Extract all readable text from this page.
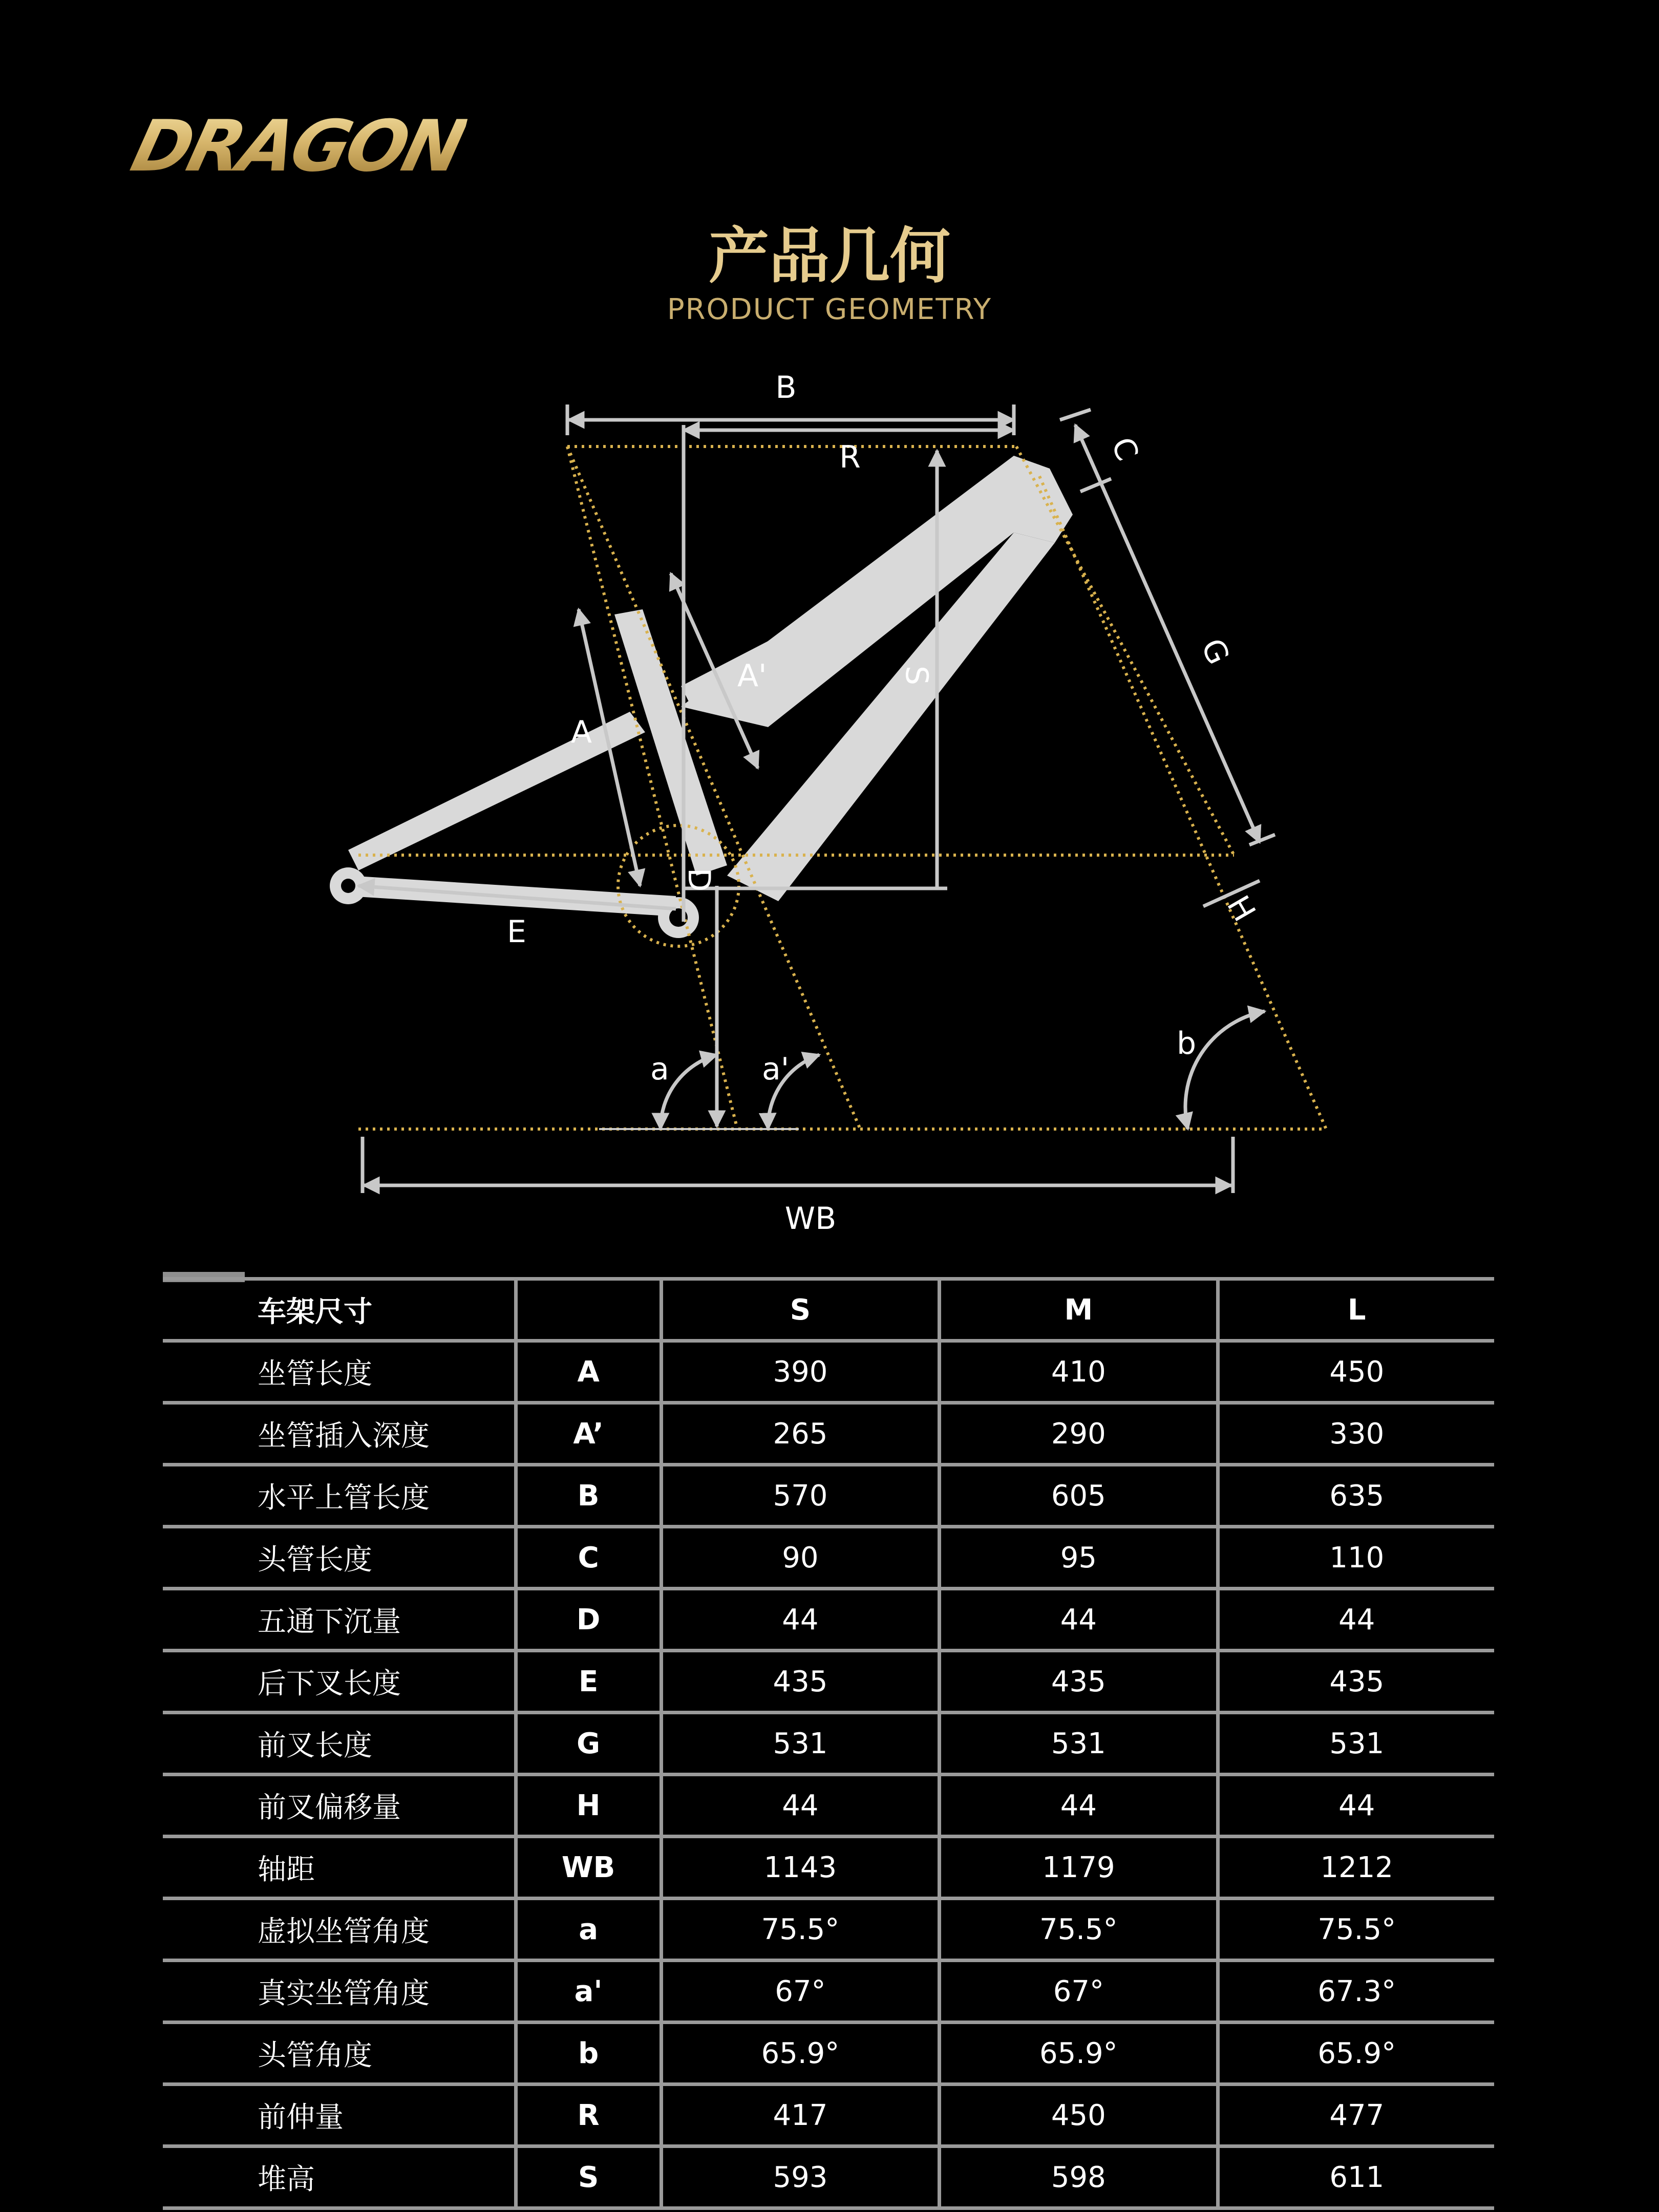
DRAGON
产品几何
PRODUCT GEOMETRY
B
R	C
G
S
A
A'
D
E
H
a	a'
b
WB
车架尺寸		S	M	L
坐管长度	A	390	410	450
坐管插入深度	A’	265	290	330
水平上管长度	B	570	605	635
头管长度	C	90	95	110
五通下沉量	D	44	44	44
后下叉长度	E	435	435	435
前叉长度	G	531	531	531
前叉偏移量	H	44	44	44
轴距	WB	1143	1179	1212
虚拟坐管角度	a	75.5°	75.5°	75.5°
真实坐管角度	a'	67°	67°	67.3°
头管角度	b	65.9°	65.9°	65.9°
前伸量	R	417	450	477
堆高	S	593	598	611
